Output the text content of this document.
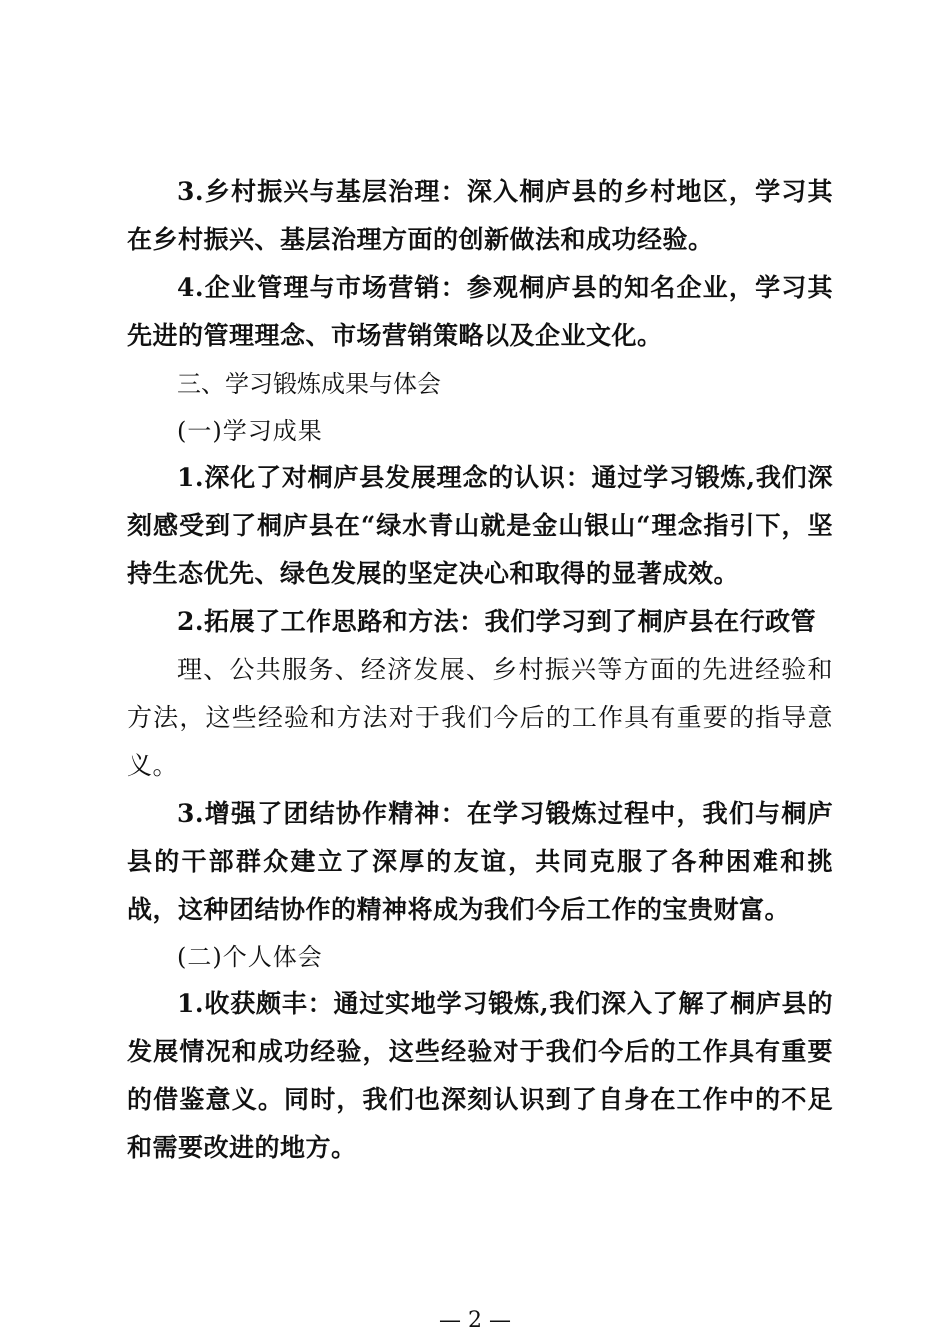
3.乡村振兴与基层治理：深入桐庐县的乡村地区，学习其在乡村振兴、基层治理方面的创新做法和成功经验。

4.企业管理与市场营销：参观桐庐县的知名企业，学习其先进的管理理念、市场营销策略以及企业文化。

三、学习锻炼成果与体会

(一)学习成果

1.深化了对桐庐县发展理念的认识：通过学习锻炼,我们深刻感受到了桐庐县在“绿水青山就是金山银山“理念指引下，坚持生态优先、绿色发展的坚定决心和取得的显著成效。

2.拓展了工作思路和方法：我们学习到了桐庐县在行政管

理、公共服务、经济发展、乡村振兴等方面的先进经验和方法，这些经验和方法对于我们今后的工作具有重要的指导意义。

3.增强了团结协作精神：在学习锻炼过程中，我们与桐庐县的干部群众建立了深厚的友谊，共同克服了各种困难和挑战，这种团结协作的精神将成为我们今后工作的宝贵财富。

(二)个人体会

1.收获颇丰：通过实地学习锻炼,我们深入了解了桐庐县的发展情况和成功经验，这些经验对于我们今后的工作具有重要的借鉴意义。同时，我们也深刻认识到了自身在工作中的不足和需要改进的地方。

— 2 —
